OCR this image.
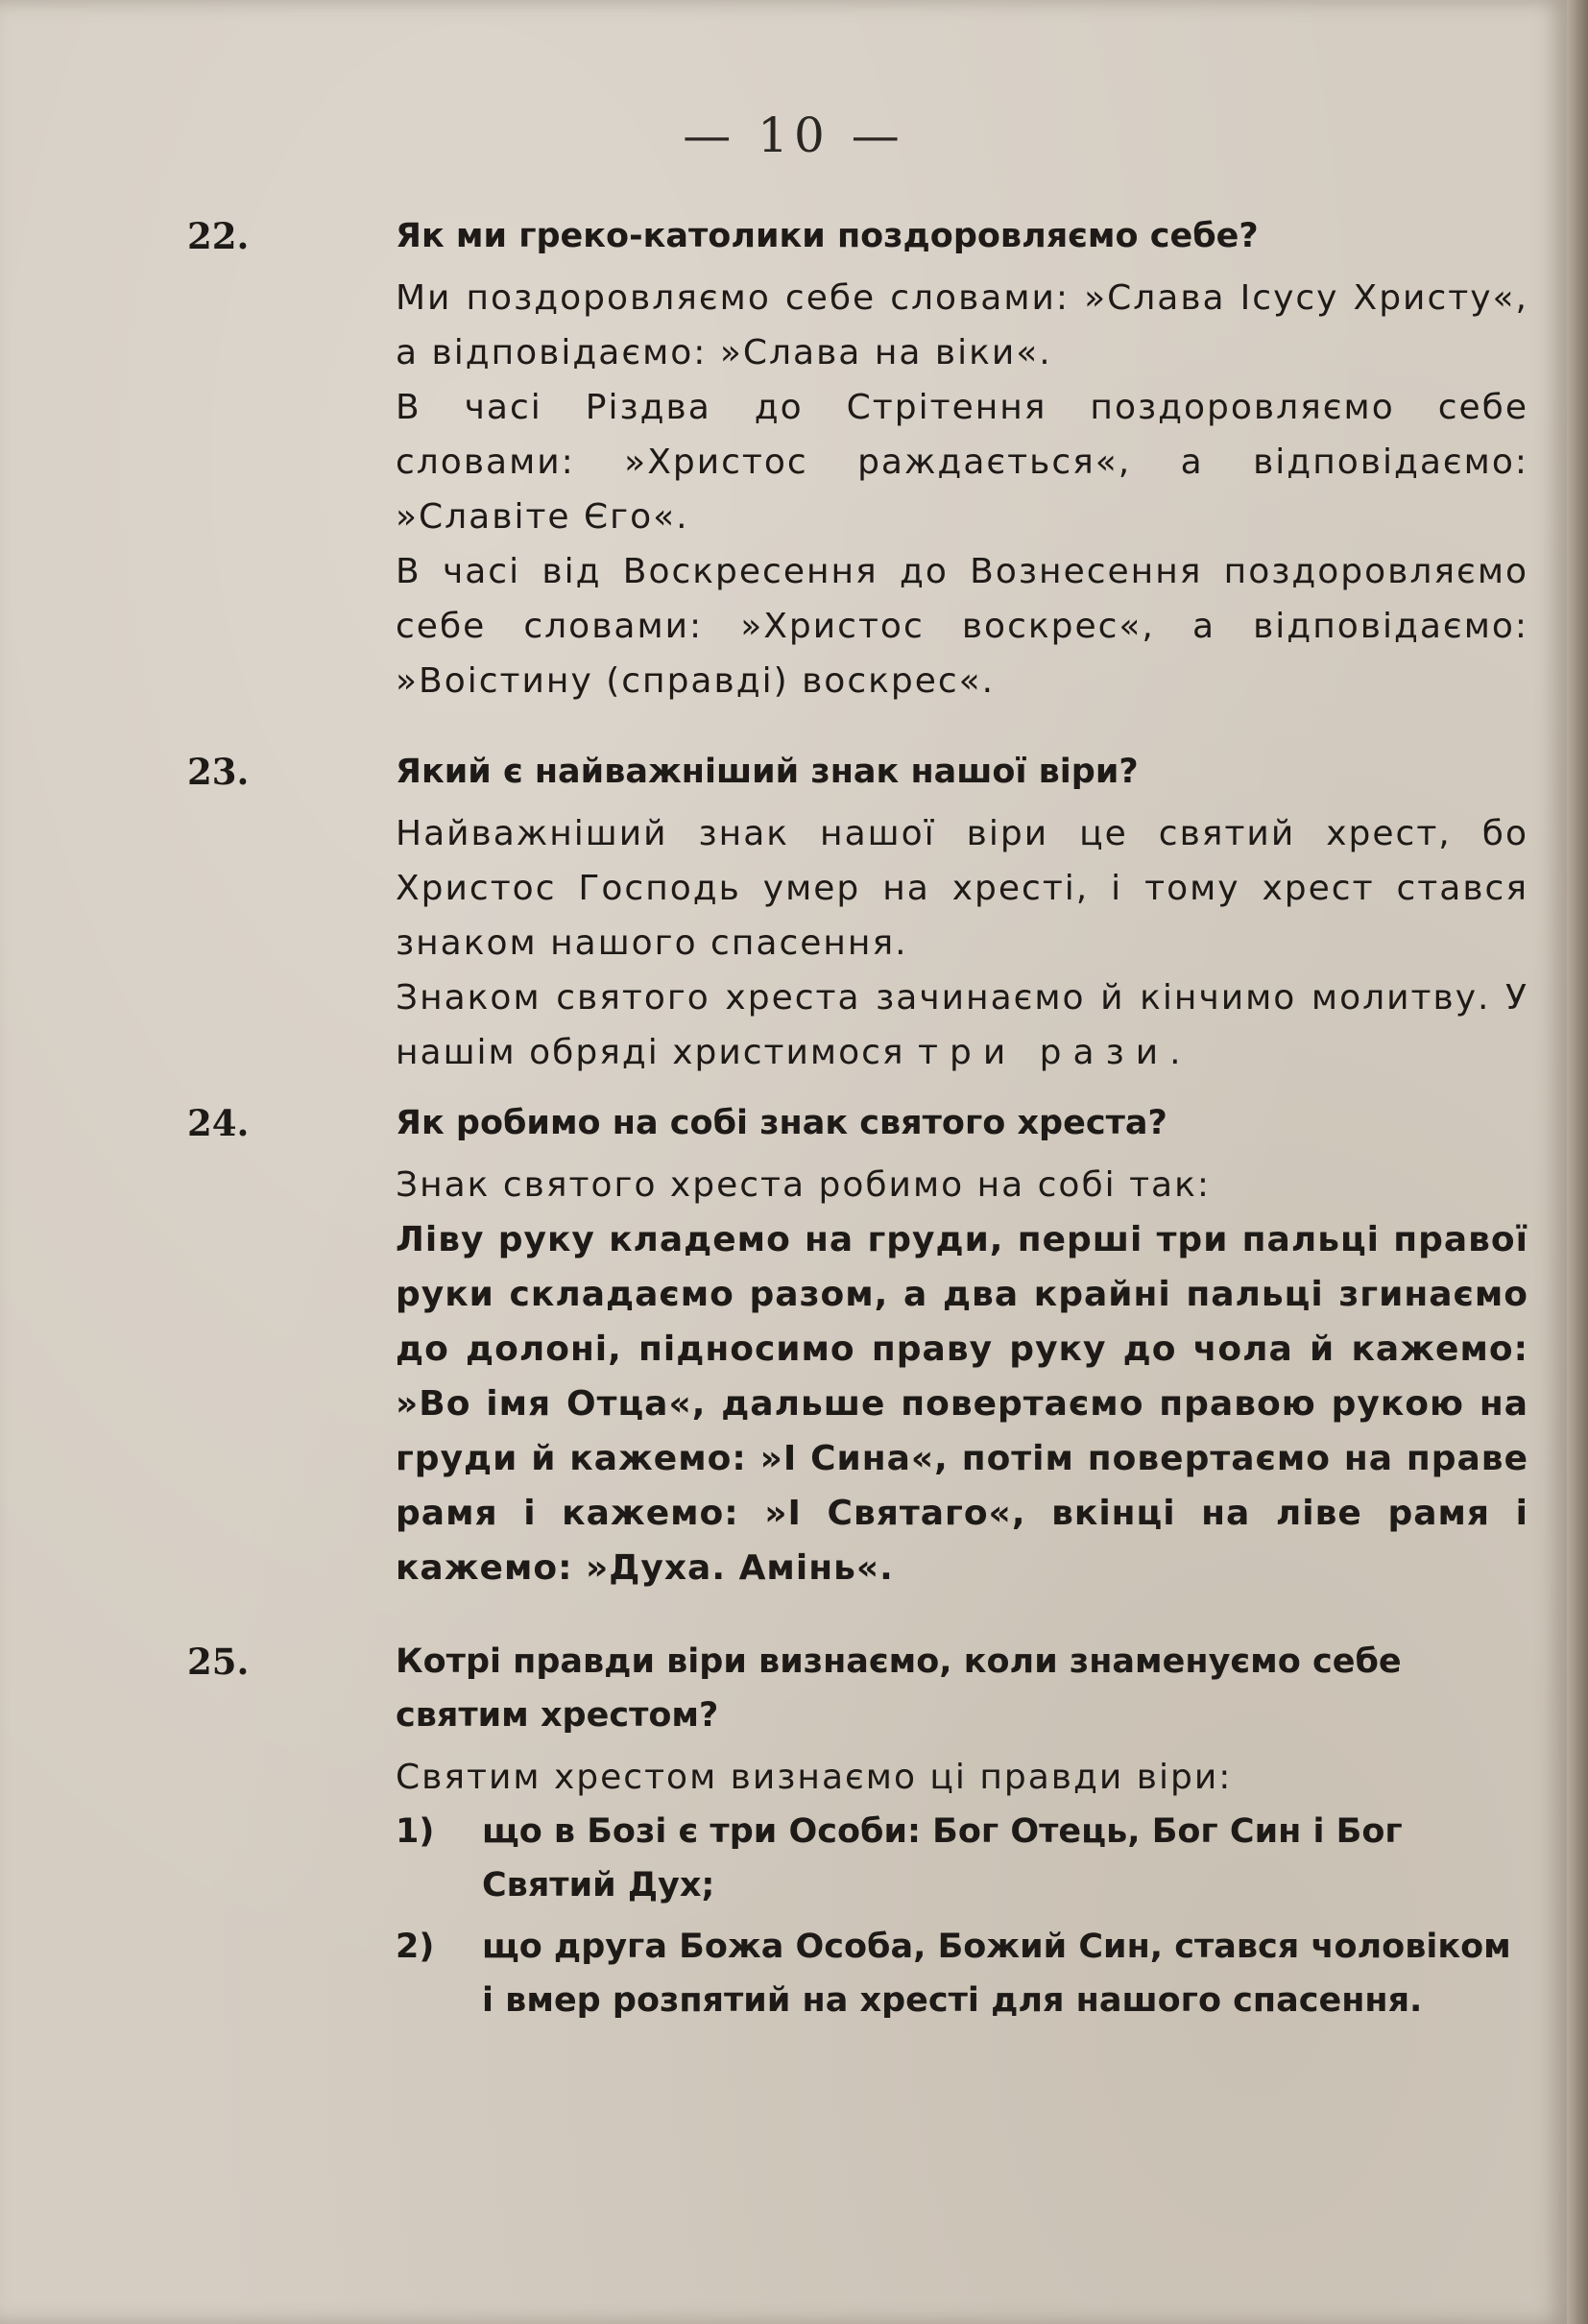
— 10 —
22.	Як ми греко-католики поздоровляємо себе?

Ми поздоровляємо себе словами: »Слава Ісусу Христу«, а відповідаємо: »Слава на віки«.

В часі Різдва до Стрітення поздоровляємо себе словами: »Христос раждається«, а відповідаємо: »Славіте Єго«.

В часі від Воскресення до Вознесення поздоровляємо себе словами: »Христос воскрес«, а відповідаємо: »Воістину (справді) воскрес«.

23.	Який є найважніший знак нашої віри?

Найважніший знак нашої віри це святий хрест, бо Христос Господь умер на хресті, і тому хрест стався знаком нашого спасення.

Знаком святого хреста зачинаємо й кінчимо молитву. У нашім обряді христимося три рази.

24.	Як робимо на собі знак святого хреста?

Знак святого хреста робимо на собі так:

Ліву руку кладемо на груди, перші три пальці правої руки складаємо разом, а два крайні пальці згинаємо до долоні, підносимо праву руку до чола й кажемо: »Во імя Отца«, дальше повертаємо правою рукою на груди й кажемо: »І Сина«, потім повертаємо на праве рамя і кажемо: »І Святаго«, вкінці на ліве рамя і кажемо: »Духа. Амінь«.

25.	Котрі правди віри визнаємо, коли знаменуємо себе святим хрестом?

Святим хрестом визнаємо ці правди віри:

1) що в Бозі є три Особи: Бог Отець, Бог Син і Бог Святий Дух;
2) що друга Божа Особа, Божий Син, стався чоловіком і вмер розпятий на хресті для нашого спасення.
